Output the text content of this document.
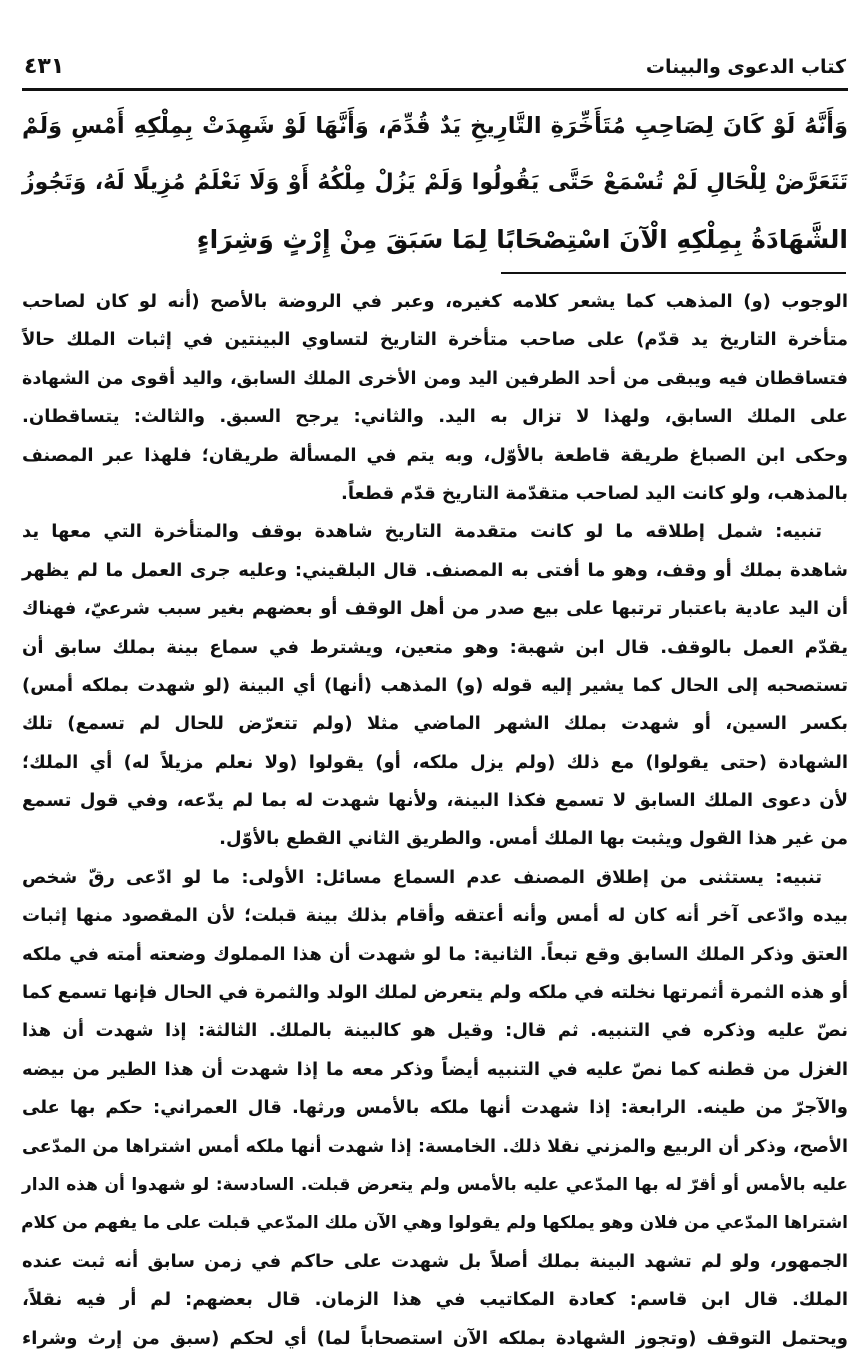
كتاب الدعوى والبينات
٤٣١
وَأَنَّهُ لَوْ كَانَ لِصَاحِبِ مُتَأَخِّرَةِ التَّارِيخِ يَدٌ قُدِّمَ، وَأَنَّهَا لَوْ شَهِدَتْ بِمِلْكِهِ أَمْسِ وَلَمْ
تَتَعَرَّضْ لِلْحَالِ لَمْ تُسْمَعْ حَتَّى يَقُولُوا وَلَمْ يَزُلْ مِلْكُهُ أَوْ وَلَا نَعْلَمُ مُزِيلًا لَهُ، وَتَجُوزُ
الشَّهَادَةُ بِمِلْكِهِ الْآنَ اسْتِصْحَابًا لِمَا سَبَقَ مِنْ إِرْثٍ وَشِرَاءٍ
الوجوب (و) المذهب كما يشعر كلامه كغيره، وعبر في الروضة بالأصح (أنه لو كان لصاحب
متأخرة التاريخ يد قدّم) على صاحب متأخرة التاريخ لتساوي البينتين في إثبات الملك حالاً
فتساقطان فيه ويبقى من أحد الطرفين اليد ومن الأخرى الملك السابق، واليد أقوى من الشهادة
على الملك السابق، ولهذا لا تزال به اليد. والثاني: يرجح السبق. والثالث: يتساقطان.
وحكى ابن الصباغ طريقة قاطعة بالأوّل، وبه يتم في المسألة طريقان؛ فلهذا عبر المصنف
بالمذهب، ولو كانت اليد لصاحب متقدّمة التاريخ قدّم قطعاً.
تنبيه: شمل إطلاقه ما لو كانت متقدمة التاريخ شاهدة بوقف والمتأخرة التي معها يد
شاهدة بملك أو وقف، وهو ما أفتى به المصنف. قال البلقيني: وعليه جرى العمل ما لم يظهر
أن اليد عادية باعتبار ترتبها على بيع صدر من أهل الوقف أو بعضهم بغير سبب شرعيّ، فهناك
يقدّم العمل بالوقف. قال ابن شهبة: وهو متعين، ويشترط في سماع بينة بملك سابق أن
تستصحبه إلى الحال كما يشير إليه قوله (و) المذهب (أنها) أي البينة (لو شهدت بملكه أمس)
بكسر السين، أو شهدت بملك الشهر الماضي مثلا (ولم تتعرّض للحال لم تسمع) تلك
الشهادة (حتى يقولوا) مع ذلك (ولم يزل ملكه، أو) يقولوا (ولا نعلم مزيلاً له) أي الملك؛
لأن دعوى الملك السابق لا تسمع فكذا البينة، ولأنها شهدت له بما لم يدّعه، وفي قول تسمع
من غير هذا القول ويثبت بها الملك أمس. والطريق الثاني القطع بالأوّل.
تنبيه: يستثنى من إطلاق المصنف عدم السماع مسائل: الأولى: ما لو ادّعى رقّ شخص
بيده وادّعى آخر أنه كان له أمس وأنه أعتقه وأقام بذلك بينة قبلت؛ لأن المقصود منها إثبات
العتق وذكر الملك السابق وقع تبعاً. الثانية: ما لو شهدت أن هذا المملوك وضعته أمته في ملكه
أو هذه الثمرة أثمرتها نخلته في ملكه ولم يتعرض لملك الولد والثمرة في الحال فإنها تسمع كما
نصّ عليه وذكره في التنبيه. ثم قال: وقيل هو كالبينة بالملك. الثالثة: إذا شهدت أن هذا
الغزل من قطنه كما نصّ عليه في التنبيه أيضاً وذكر معه ما إذا شهدت أن هذا الطير من بيضه
والآجرّ من طينه. الرابعة: إذا شهدت أنها ملكه بالأمس ورثها. قال العمراني: حكم بها على
الأصح، وذكر أن الربيع والمزني نقلا ذلك. الخامسة: إذا شهدت أنها ملكه أمس اشتراها من المدّعى
عليه بالأمس أو أقرّ له بها المدّعي عليه بالأمس ولم يتعرض قبلت. السادسة: لو شهدوا أن هذه الدار
اشتراها المدّعي من فلان وهو يملكها ولم يقولوا وهي الآن ملك المدّعي قبلت على ما يفهم من كلام
الجمهور، ولو لم تشهد البينة بملك أصلاً بل شهدت على حاكم في زمن سابق أنه ثبت عنده
الملك. قال ابن قاسم: كعادة المكاتيب في هذا الزمان. قال بعضهم: لم أر فيه نقلاً،
ويحتمل التوقف (وتجوز الشهادة بملكه الآن استصحاباً لما) أي لحكم (سبق من إرث وشراء
